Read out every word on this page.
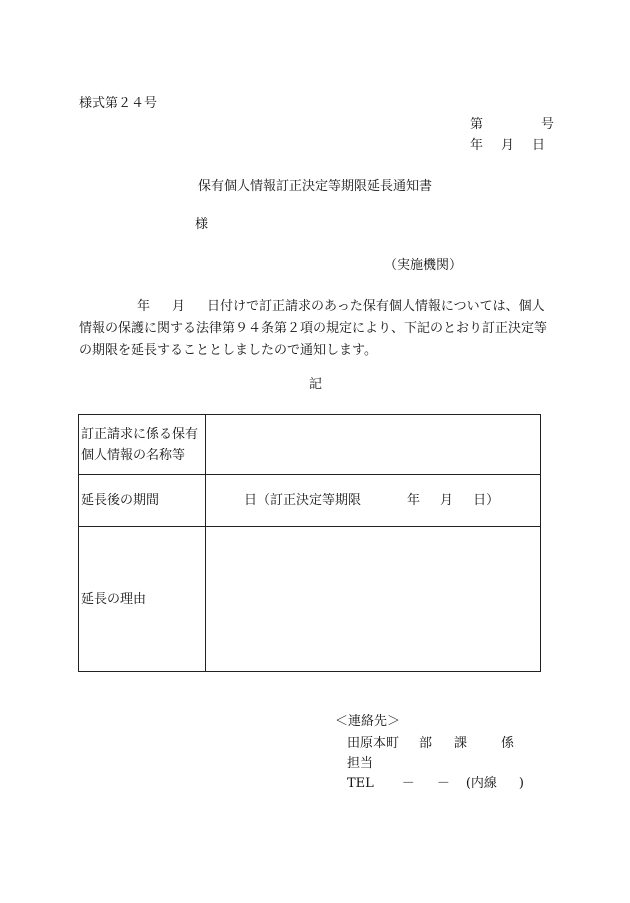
様式第２４号
第	号
年 月 日
保有個人情報訂正決定等期限延長通知書
様
（実施機関）
年 月 日付けで訂正請求のあった保有個人情報については、個人情報の保護に関する法律第９４条第２項の規定により、下記のとおり訂正決定等の期限を延長することとしましたので通知します。
記
訂正請求に係る保有個人情報の名称等	
延長後の期間	日（訂正決定等期限 年 月 日）
延長の理由	
＜連絡先＞
田原本町 部 課	係
担当
TEL － － (内線 )
